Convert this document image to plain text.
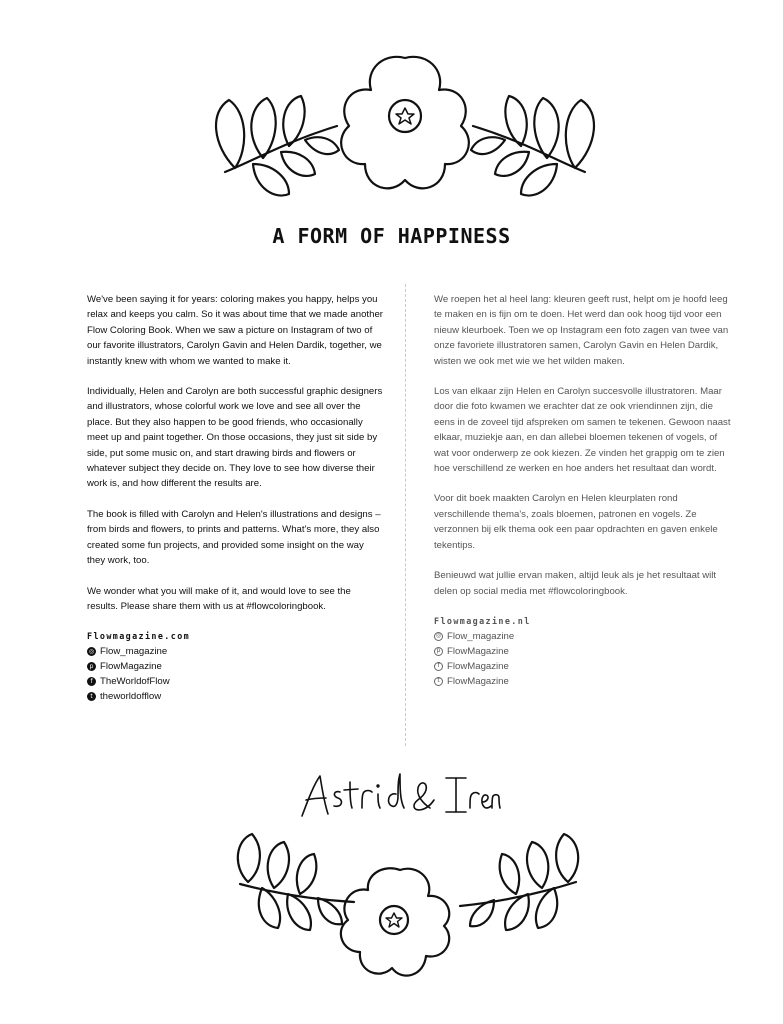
A FORM OF HAPPINESS

We've been saying it for years: coloring makes you happy, helps you relax and keeps you calm. So it was about time that we made another Flow Coloring Book. When we saw a picture on Instagram of two of our favorite illustrators, Carolyn Gavin and Helen Dardik, together, we instantly knew with whom we wanted to make it.

Individually, Helen and Carolyn are both successful graphic designers and illustrators, whose colorful work we love and see all over the place. But they also happen to be good friends, who occasionally meet up and paint together. On those occasions, they just sit side by side, put some music on, and start drawing birds and flowers or whatever subject they decide on. They love to see how diverse their work is, and how different the results are.

The book is filled with Carolyn and Helen's illustrations and designs – from birds and flowers, to prints and patterns. What's more, they also created some fun projects, and provided some insight on the way they work, too.

We wonder what you will make of it, and would love to see the results. Please share them with us at #flowcoloringbook.

Flowmagazine.com
◎ Flow_magazine
p FlowMagazine
f TheWorldofFlow
t theworldofflow

We roepen het al heel lang: kleuren geeft rust, helpt om je hoofd leeg te maken en is fijn om te doen. Het werd dan ook hoog tijd voor een nieuw kleurboek. Toen we op Instagram een foto zagen van twee van onze favoriete illustratoren samen, Carolyn Gavin en Helen Dardik, wisten we ook met wie we het wilden maken.

Los van elkaar zijn Helen en Carolyn succesvolle illustratoren. Maar door die foto kwamen we erachter dat ze ook vriendinnen zijn, die eens in de zoveel tijd afspreken om samen te tekenen. Gewoon naast elkaar, muziekje aan, en dan allebei bloemen tekenen of vogels, of wat voor onderwerp ze ook kiezen. Ze vinden het grappig om te zien hoe verschillend ze werken en hoe anders het resultaat dan wordt.

Voor dit boek maakten Carolyn en Helen kleurplaten rond verschillende thema's, zoals bloemen, patronen en vogels. Ze verzonnen bij elk thema ook een paar opdrachten en gaven enkele tekentips.

Benieuwd wat jullie ervan maken, altijd leuk als je het resultaat wilt delen op social media met #flowcoloringbook.

Flowmagazine.nl
◎ Flow_magazine
p FlowMagazine
f FlowMagazine
t FlowMagazine
